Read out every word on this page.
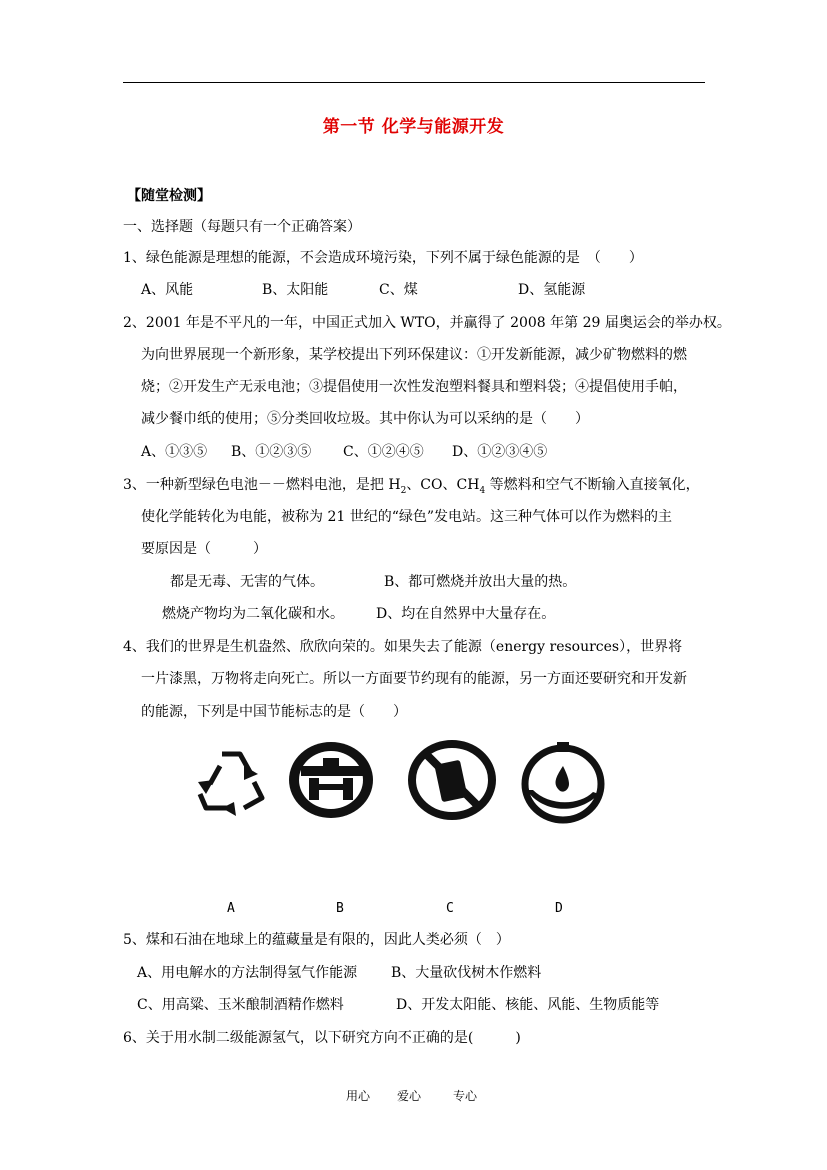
第一节 化学与能源开发
【随堂检测】
一、选择题（每题只有一个正确答案）
1、绿色能源是理想的能源，不会造成环境污染，下列不属于绿色能源的是　（　　）
A、风能	B、太阳能	C、煤	D、氢能源
2、2001 年是不平凡的一年，中国正式加入 WTO，并赢得了 2008 年第 29 届奥运会的举办权。
为向世界展现一个新形象，某学校提出下列环保建议：①开发新能源，减少矿物燃料的燃
烧；②开发生产无汞电池；③提倡使用一次性发泡塑料餐具和塑料袋；④提倡使用手帕，
减少餐巾纸的使用；⑤分类回收垃圾。其中你认为可以采纳的是（　　）
A、①③⑤ B、①②③⑤ C、①②④⑤ D、①②③④⑤
3、一种新型绿色电池－－燃料电池，是把 $H_2$、CO、$CH_4$ 等燃料和空气不断输入直接氧化，
使化学能转化为电能，被称为 21 世纪的“绿色”发电站。这三种气体可以作为燃料的主
要原因是（　　　）
都是无毒、无害的气体。	B、都可燃烧并放出大量的热。
燃烧产物均为二氧化碳和水。 D、均在自然界中大量存在。
4、我们的世界是生机盎然、欣欣向荣的。如果失去了能源（energy resources），世界将
一片漆黑，万物将走向死亡。所以一方面要节约现有的能源，另一方面还要研究和开发新
的能源，下列是中国节能标志的是（　　）
A	B	C	D
5、煤和石油在地球上的蕴藏量是有限的，因此人类必须（　）
A、用电解水的方法制得氢气作能源 B、大量砍伐树木作燃料
C、用高粱、玉米酿制酒精作燃料	D、开发太阳能、核能、风能、生物质能等
6、关于用水制二级能源氢气，以下研究方向不正确的是(　　　)
用心 爱心	专心
